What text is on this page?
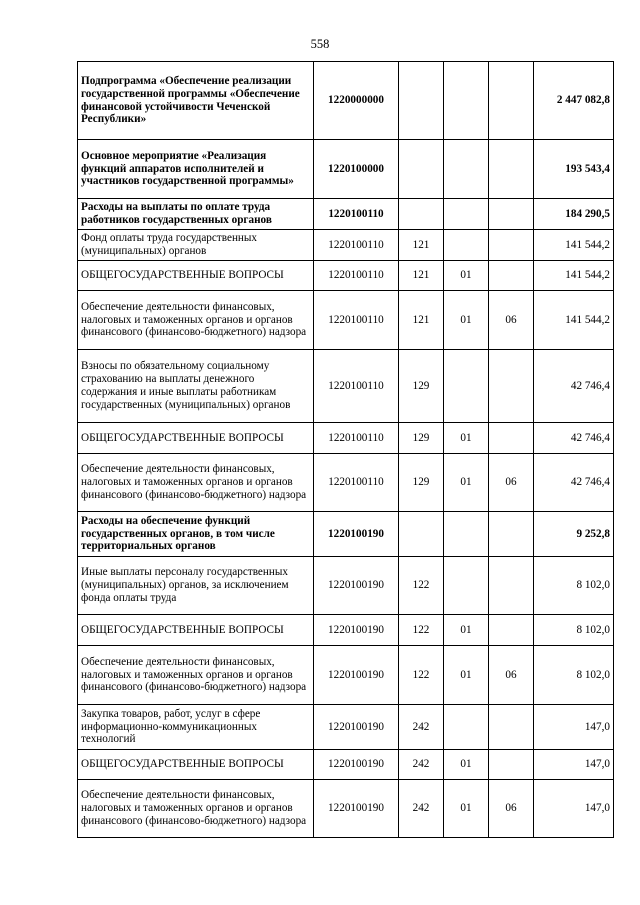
558
Подпрограмма «Обеспечение реализации государственной программы «Обеспечение финансовой устойчивости Чеченской Республики»	1220000000				2 447 082,8
Основное мероприятие «Реализация функций аппаратов исполнителей и участников государственной программы»	1220100000				193 543,4
Расходы на выплаты по оплате труда работников государственных органов	1220100110				184 290,5
Фонд оплаты труда государственных (муниципальных) органов	1220100110	121			141 544,2
ОБЩЕГОСУДАРСТВЕННЫЕ ВОПРОСЫ	1220100110	121	01		141 544,2
Обеспечение деятельности финансовых, налоговых и таможенных органов и органов финансового (финансово-бюджетного) надзора	1220100110	121	01	06	141 544,2
Взносы по обязательному социальному страхованию на выплаты денежного содержания и иные выплаты работникам государственных (муниципальных) органов	1220100110	129			42 746,4
ОБЩЕГОСУДАРСТВЕННЫЕ ВОПРОСЫ	1220100110	129	01		42 746,4
Обеспечение деятельности финансовых, налоговых и таможенных органов и органов финансового (финансово-бюджетного) надзора	1220100110	129	01	06	42 746,4
Расходы на обеспечение функций государственных органов, в том числе территориальных органов	1220100190				9 252,8
Иные выплаты персоналу государственных (муниципальных) органов, за исключением фонда оплаты труда	1220100190	122			8 102,0
ОБЩЕГОСУДАРСТВЕННЫЕ ВОПРОСЫ	1220100190	122	01		8 102,0
Обеспечение деятельности финансовых, налоговых и таможенных органов и органов финансового (финансово-бюджетного) надзора	1220100190	122	01	06	8 102,0
Закупка товаров, работ, услуг в сфере информационно-коммуникационных технологий	1220100190	242			147,0
ОБЩЕГОСУДАРСТВЕННЫЕ ВОПРОСЫ	1220100190	242	01		147,0
Обеспечение деятельности финансовых, налоговых и таможенных органов и органов финансового (финансово-бюджетного) надзора	1220100190	242	01	06	147,0
